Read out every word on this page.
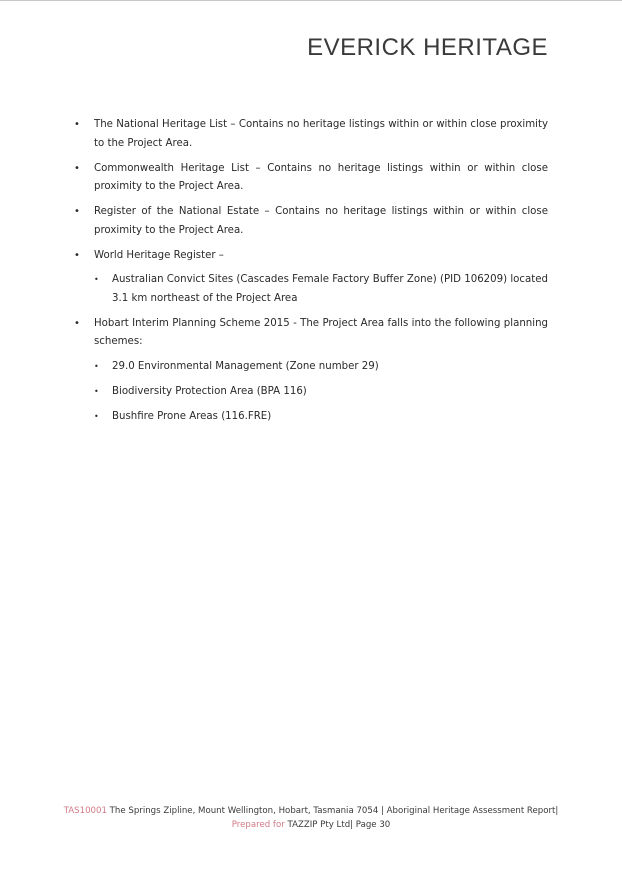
EVERICK HERITAGE
• The National Heritage List – Contains no heritage listings within or within close proximity to the Project Area.
• Commonwealth Heritage List – Contains no heritage listings within or within close proximity to the Project Area.
• Register of the National Estate – Contains no heritage listings within or within close proximity to the Project Area.
• World Heritage Register –
• Australian Convict Sites (Cascades Female Factory Buffer Zone) (PID 106209) located 3.1 km northeast of the Project Area
• Hobart Interim Planning Scheme 2015 - The Project Area falls into the following planning schemes:
• 29.0 Environmental Management (Zone number 29)
• Biodiversity Protection Area (BPA 116)
• Bushfire Prone Areas (116.FRE)
TAS10001 The Springs Zipline, Mount Wellington, Hobart, Tasmania 7054 | Aboriginal Heritage Assessment Report|
Prepared for TAZZIP Pty Ltd| Page 30
